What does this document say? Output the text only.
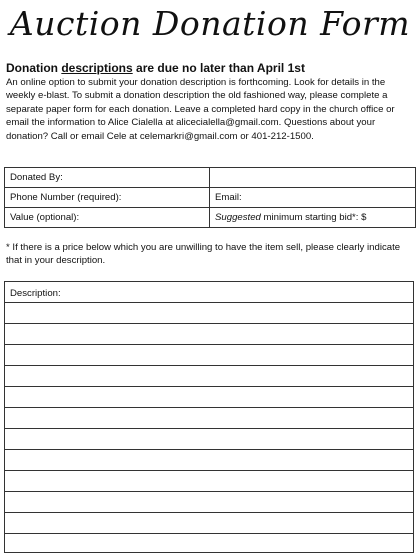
Auction Donation Form
Donation descriptions are due no later than April 1st
An online option to submit your donation description is forthcoming. Look for details in the weekly e-blast. To submit a donation description the old fashioned way, please complete a separate paper form for each donation. Leave a completed hard copy in the church office or email the information to Alice Cialella at alicecialella@gmail.com. Questions about your donation? Call or email Cele at celemarkri@gmail.com or 401-212-1500.
Donated By:	
Phone Number (required):	Email:
Value (optional):	Suggested minimum starting bid*: $
* If there is a price below which you are unwilling to have the item sell, please clearly indicate that in your description.
Description:
